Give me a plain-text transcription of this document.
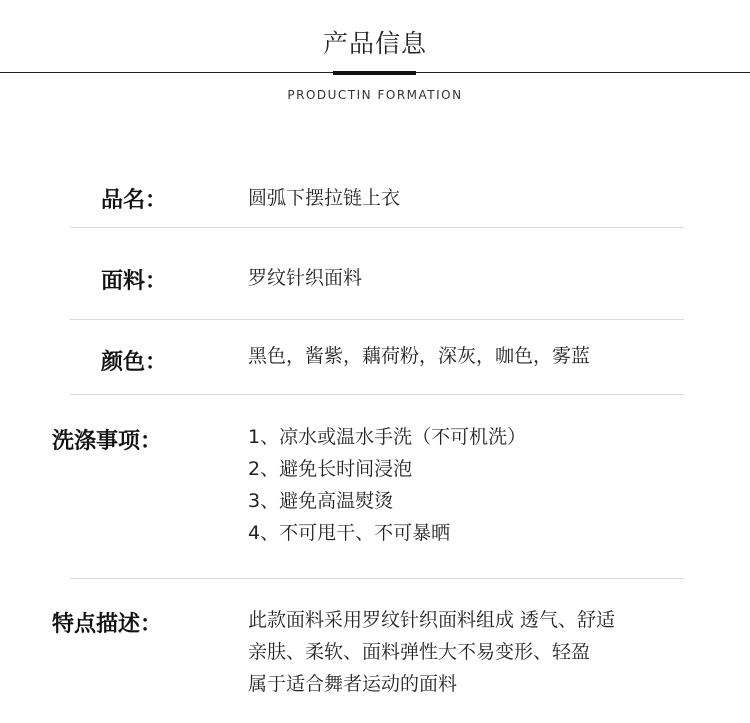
产品信息
PRODUCTIN FORMATION
品名：	圆弧下摆拉链上衣
面料：	罗纹针织面料
颜色：	黑色，酱紫，藕荷粉，深灰，咖色，雾蓝
洗涤事项：	1、凉水或温水手洗（不可机洗）
2、避免长时间浸泡
3、避免高温熨烫
4、不可甩干、不可暴晒
特点描述：	此款面料采用罗纹针织面料组成 透气、舒适
亲肤、柔软、面料弹性大不易变形、轻盈
属于适合舞者运动的面料
